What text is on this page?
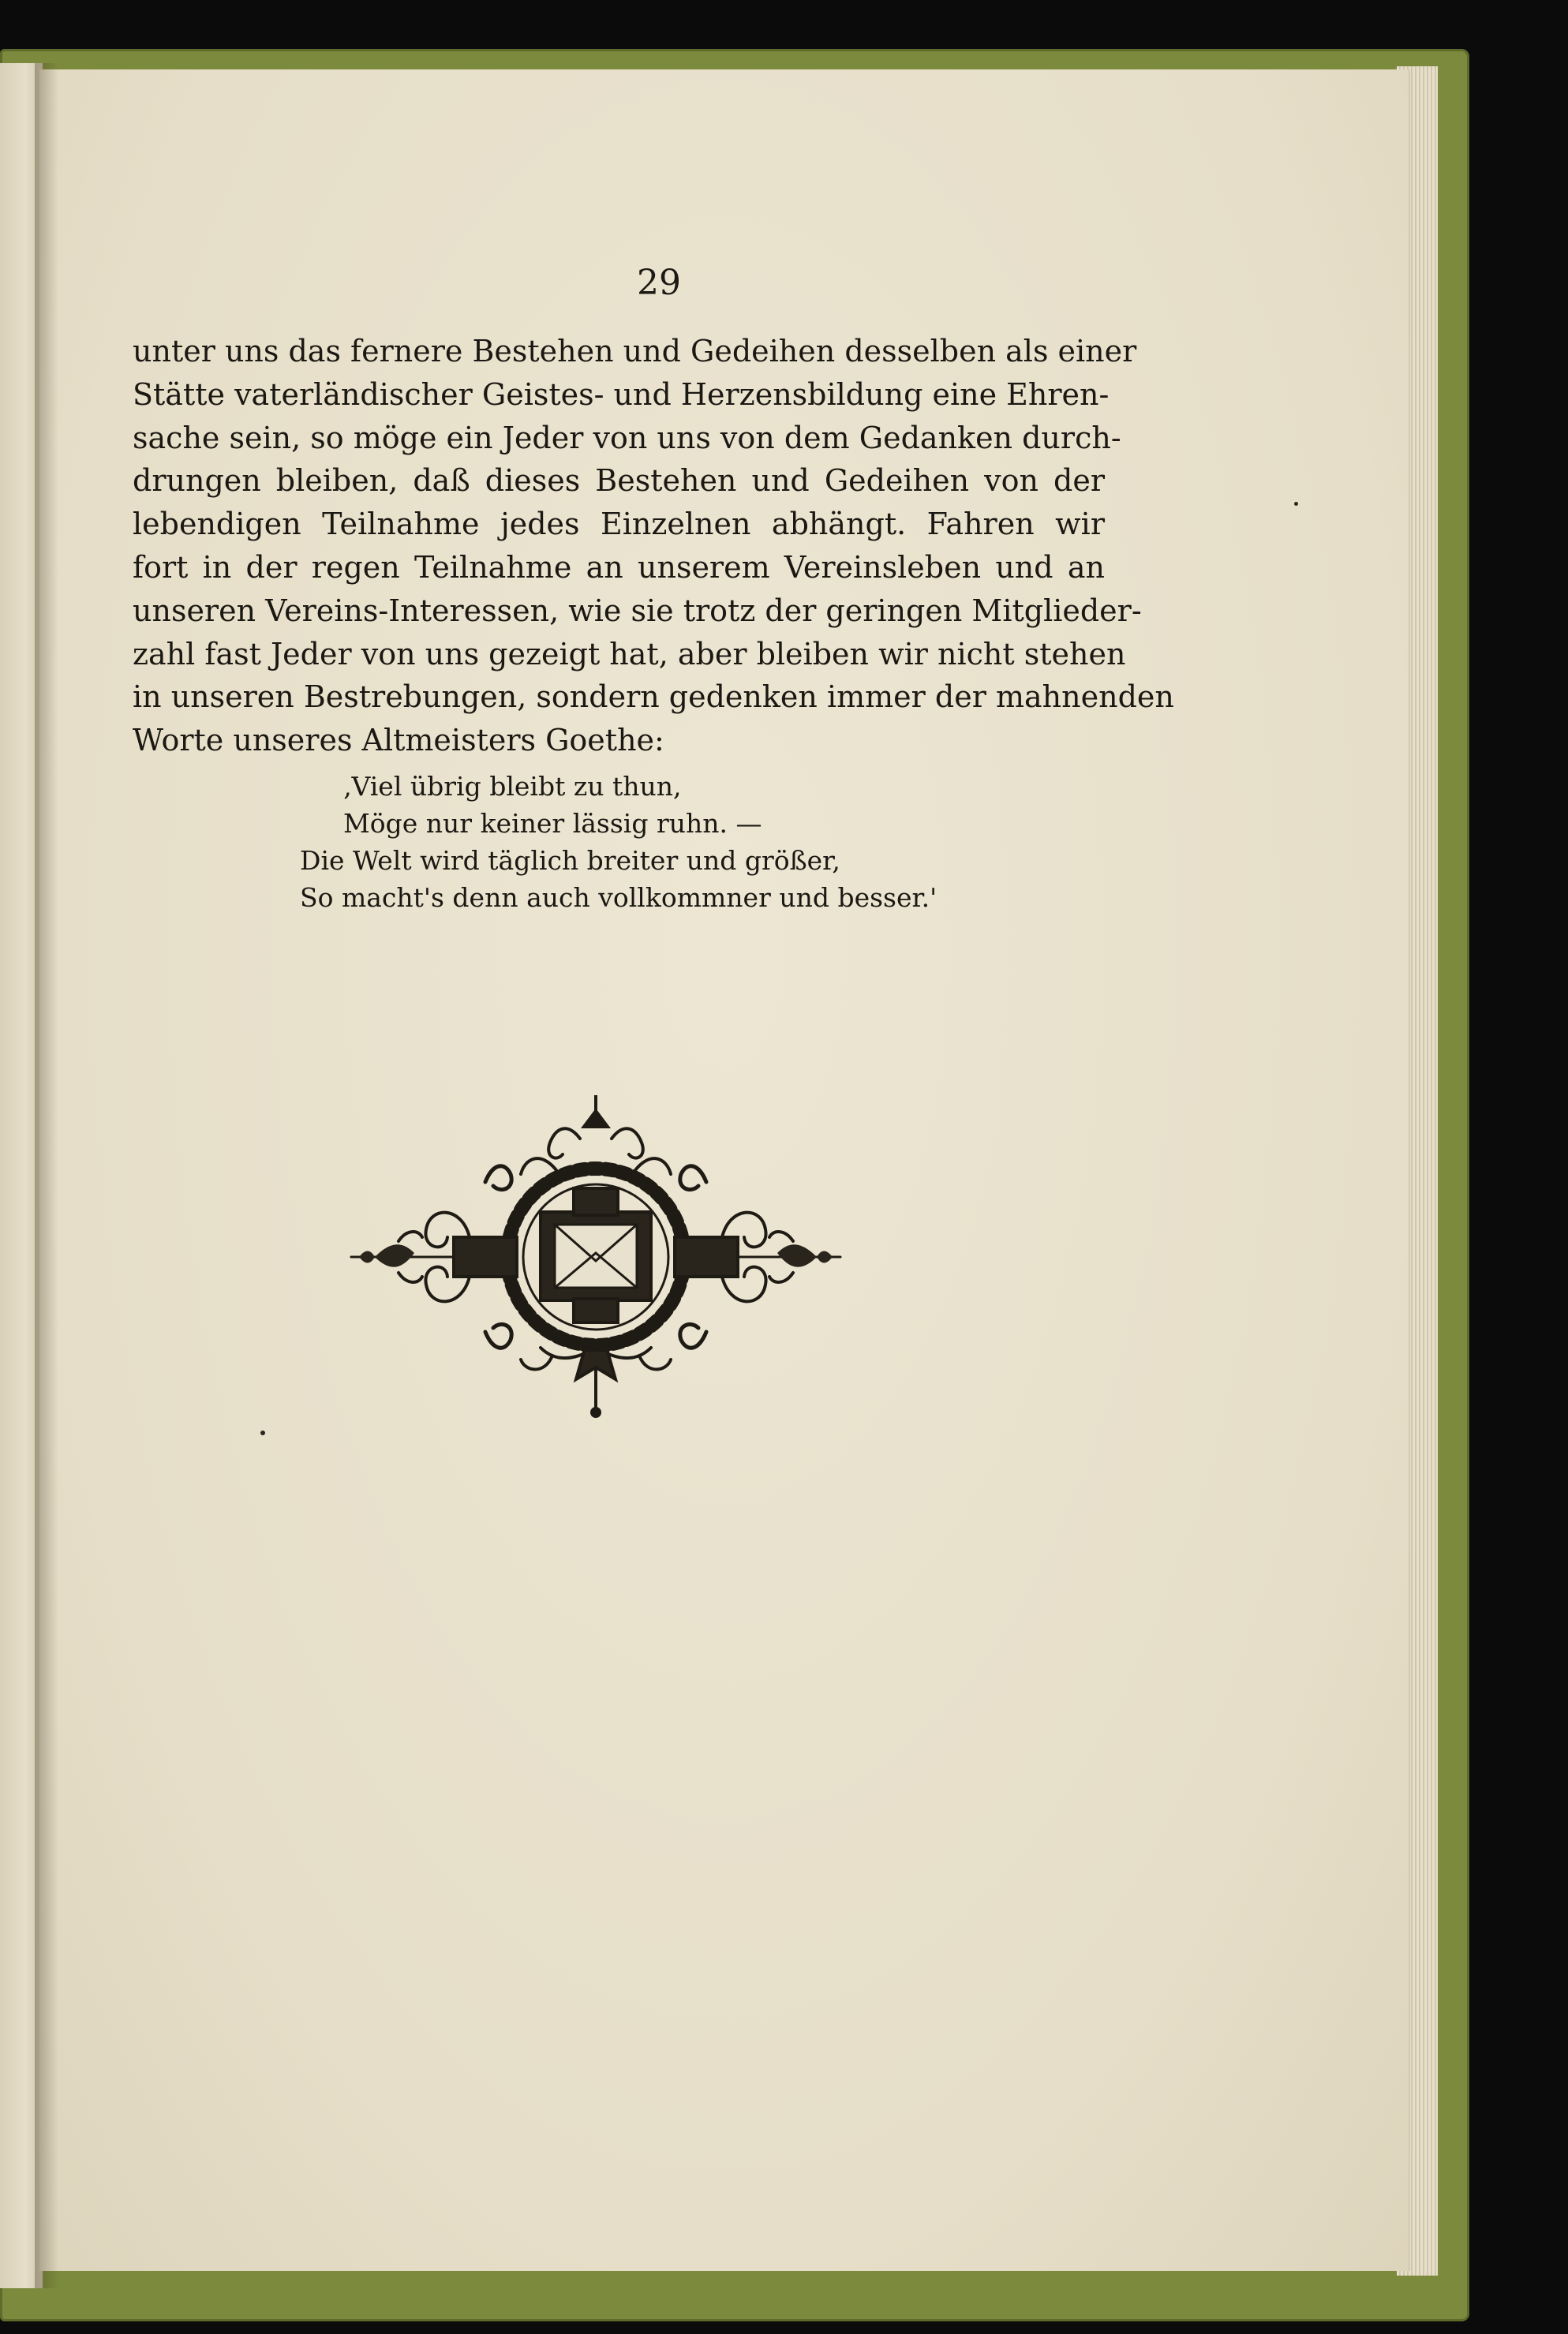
29
unter uns das fernere Bestehen und Gedeihen desselben als einer
Stätte vaterländischer Geistes- und Herzensbildung eine Ehren-
sache sein, so möge ein Jeder von uns von dem Gedanken durch-
drungen bleiben, daß dieses Bestehen und Gedeihen von der
lebendigen Teilnahme jedes Einzelnen abhängt. Fahren wir
fort in der regen Teilnahme an unserem Vereinsleben und an
unseren Vereins-Interessen, wie sie trotz der geringen Mitglieder-
zahl fast Jeder von uns gezeigt hat, aber bleiben wir nicht stehen
in unseren Bestrebungen, sondern gedenken immer der mahnenden
Worte unseres Altmeisters Goethe:
‚Viel übrig bleibt zu thun,
Möge nur keiner lässig ruhn. —
Die Welt wird täglich breiter und größer,
So macht's denn auch vollkommner und besser.'
